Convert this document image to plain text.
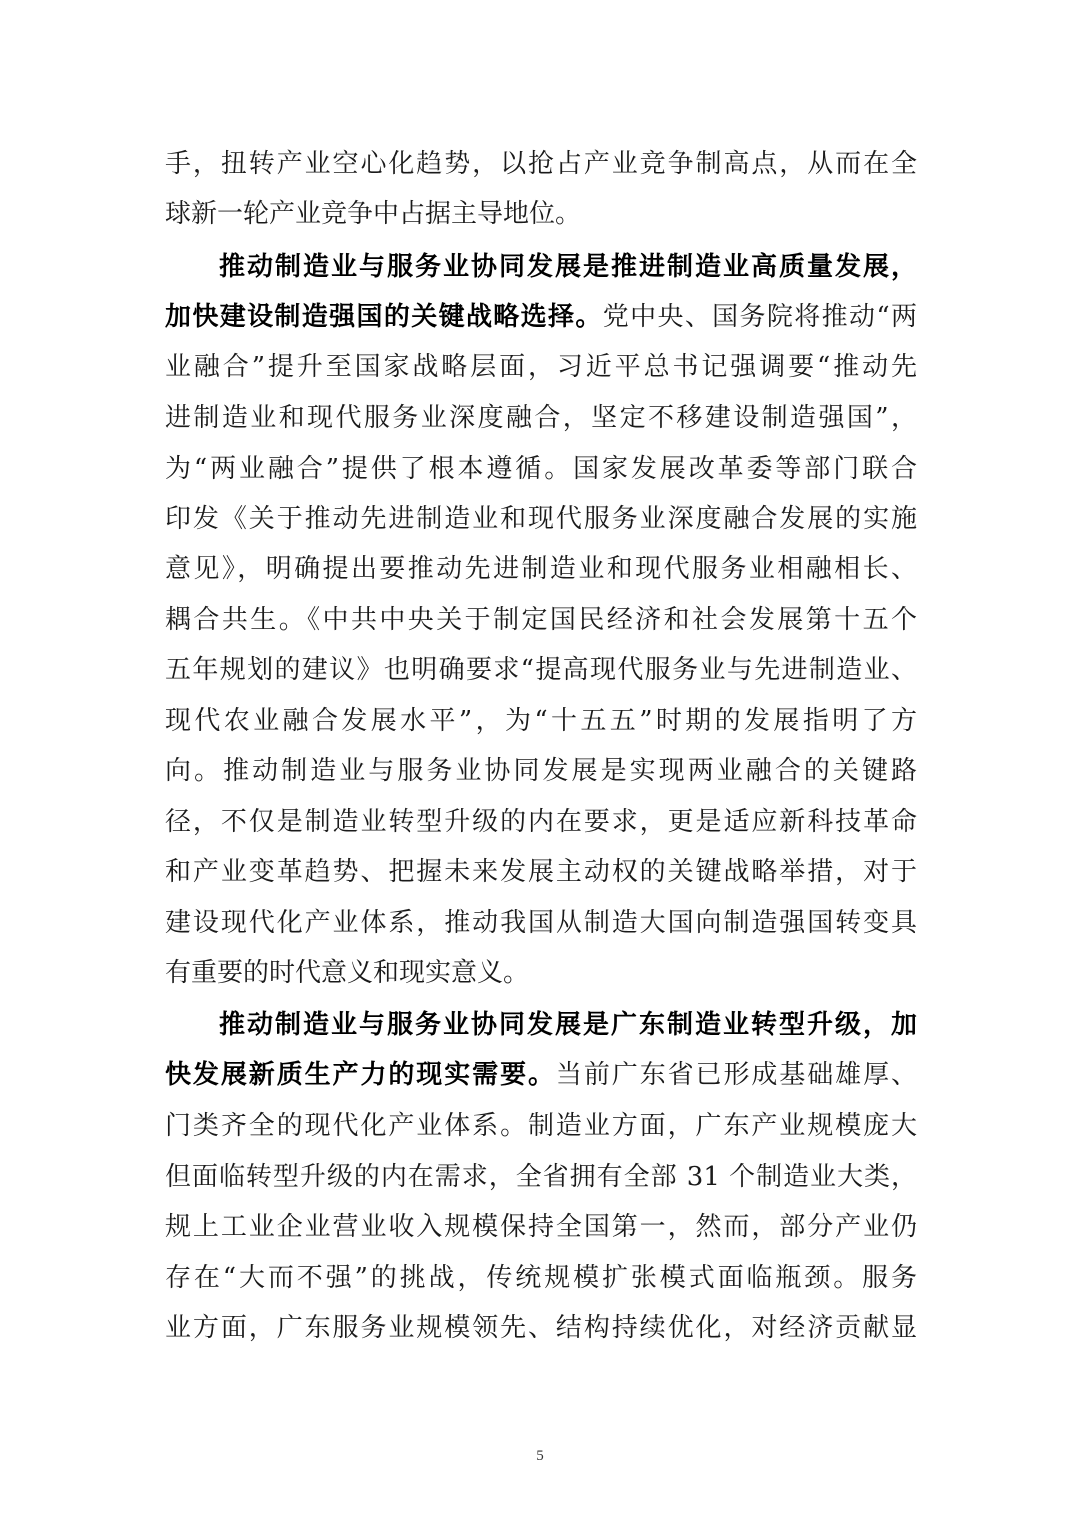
手，扭转产业空心化趋势，以抢占产业竞争制高点，从而在全
球新一轮产业竞争中占据主导地位。
推动制造业与服务业协同发展是推进制造业高质量发展，
加快建设制造强国的关键战略选择。党中央、国务院将推动“两
业融合”提升至国家战略层面，习近平总书记强调要“推动先
进制造业和现代服务业深度融合，坚定不移建设制造强国”，
为“两业融合”提供了根本遵循。国家发展改革委等部门联合
印发《关于推动先进制造业和现代服务业深度融合发展的实施
意见》，明确提出要推动先进制造业和现代服务业相融相长、
耦合共生。《中共中央关于制定国民经济和社会发展第十五个
五年规划的建议》也明确要求“提高现代服务业与先进制造业、
现代农业融合发展水平”，为“十五五”时期的发展指明了方
向。推动制造业与服务业协同发展是实现两业融合的关键路
径，不仅是制造业转型升级的内在要求，更是适应新科技革命
和产业变革趋势、把握未来发展主动权的关键战略举措，对于
建设现代化产业体系，推动我国从制造大国向制造强国转变具
有重要的时代意义和现实意义。
推动制造业与服务业协同发展是广东制造业转型升级，加
快发展新质生产力的现实需要。当前广东省已形成基础雄厚、
门类齐全的现代化产业体系。制造业方面，广东产业规模庞大
但面临转型升级的内在需求，全省拥有全部 31 个制造业大类，
规上工业企业营业收入规模保持全国第一，然而，部分产业仍
存在“大而不强”的挑战，传统规模扩张模式面临瓶颈。服务
业方面，广东服务业规模领先、结构持续优化，对经济贡献显
5
